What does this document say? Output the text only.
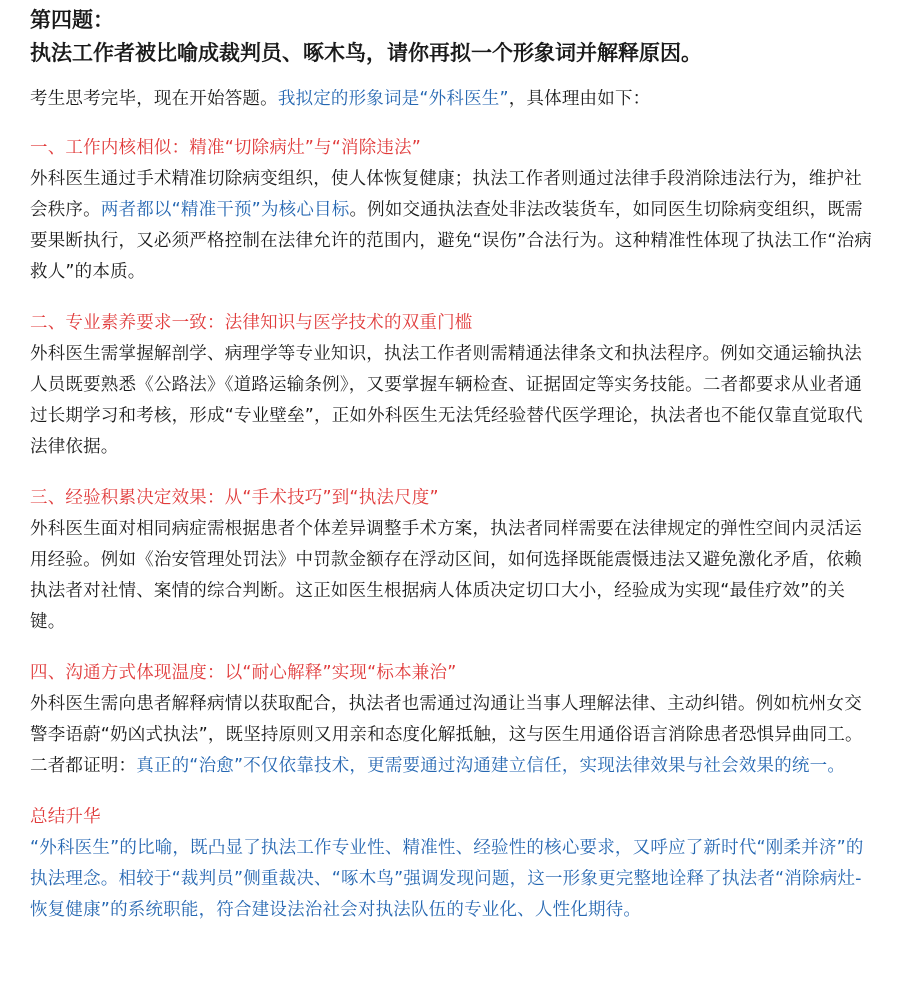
第四题：

执法工作者被比喻成裁判员、啄木鸟，请你再拟一个形象词并解释原因。

考生思考完毕，现在开始答题。我拟定的形象词是“外科医生”，具体理由如下：

一、工作内核相似：精准“切除病灶”与“消除违法”

外科医生通过手术精准切除病变组织，使人体恢复健康；执法工作者则通过法律手段消除违法行为，维护社会秩序。两者都以“精准干预”为核心目标。例如交通执法查处非法改装货车，如同医生切除病变组织，既需要果断执行，又必须严格控制在法律允许的范围内，避免“误伤”合法行为。这种精准性体现了执法工作“治病救人”的本质。

二、专业素养要求一致：法律知识与医学技术的双重门槛

外科医生需掌握解剖学、病理学等专业知识，执法工作者则需精通法律条文和执法程序。例如交通运输执法人员既要熟悉《公路法》《道路运输条例》，又要掌握车辆检查、证据固定等实务技能。二者都要求从业者通过长期学习和考核，形成“专业壁垒”，正如外科医生无法凭经验替代医学理论，执法者也不能仅靠直觉取代法律依据。

三、经验积累决定效果：从“手术技巧”到“执法尺度”

外科医生面对相同病症需根据患者个体差异调整手术方案，执法者同样需要在法律规定的弹性空间内灵活运用经验。例如《治安管理处罚法》中罚款金额存在浮动区间，如何选择既能震慑违法又避免激化矛盾，依赖执法者对社情、案情的综合判断。这正如医生根据病人体质决定切口大小，经验成为实现“最佳疗效”的关键。

四、沟通方式体现温度：以“耐心解释”实现“标本兼治”

外科医生需向患者解释病情以获取配合，执法者也需通过沟通让当事人理解法律、主动纠错。例如杭州女交警李语蔚“奶凶式执法”，既坚持原则又用亲和态度化解抵触，这与医生用通俗语言消除患者恐惧异曲同工。二者都证明：真正的“治愈”不仅依靠技术，更需要通过沟通建立信任，实现法律效果与社会效果的统一。

总结升华

“外科医生”的比喻，既凸显了执法工作专业性、精准性、经验性的核心要求，又呼应了新时代“刚柔并济”的执法理念。相较于“裁判员”侧重裁决、“啄木鸟”强调发现问题，这一形象更完整地诠释了执法者“消除病灶-恢复健康”的系统职能，符合建设法治社会对执法队伍的专业化、人性化期待。
